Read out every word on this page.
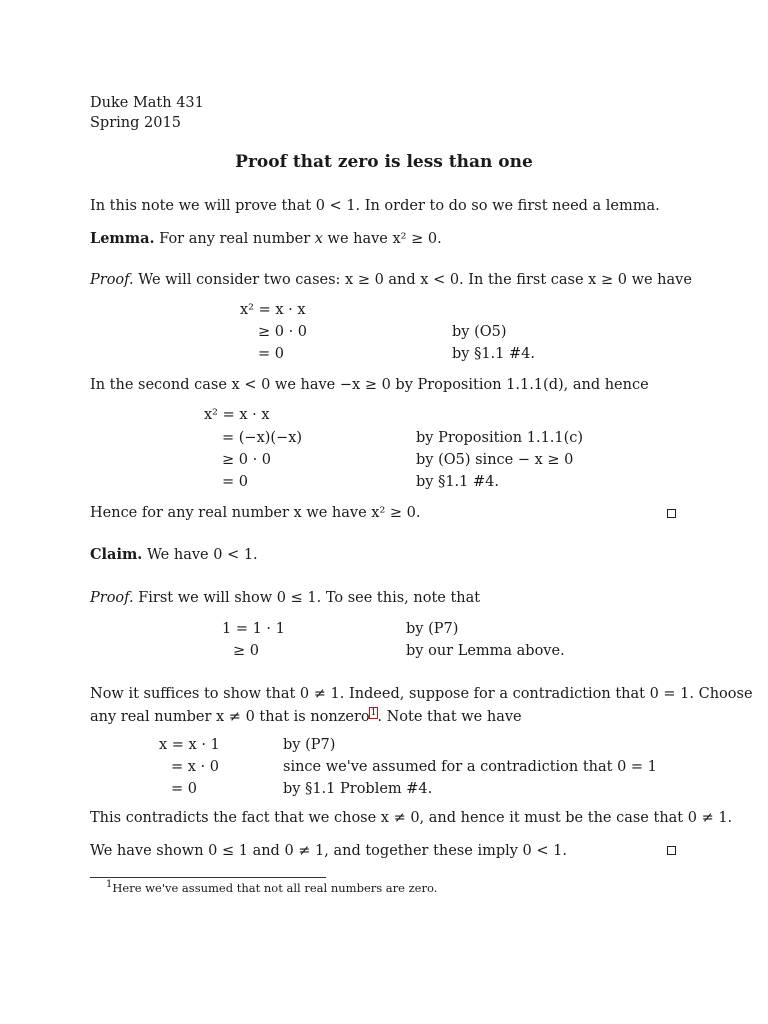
Duke Math 431
Spring 2015
Proof that zero is less than one
In this note we will prove that 0 < 1. In order to do so we first need a lemma.
Lemma. For any real number x we have x² ≥ 0.
Proof. We will consider two cases: x ≥ 0 and x < 0. In the first case x ≥ 0 we have
x² = x · x
≥ 0 · 0	by (O5)
= 0	by §1.1 #4.
In the second case x < 0 we have −x ≥ 0 by Proposition 1.1.1(d), and hence
x² = x · x
= (−x)(−x)	by Proposition 1.1.1(c)
≥ 0 · 0	by (O5) since − x ≥ 0
= 0	by §1.1 #4.
Hence for any real number x we have x² ≥ 0.
Claim. We have 0 < 1.
Proof. First we will show 0 ≤ 1. To see this, note that
1 = 1 · 1	by (P7)
≥ 0	by our Lemma above.
Now it suffices to show that 0 ≠ 1. Indeed, suppose for a contradiction that 0 = 1. Choose
any real number x ≠ 0 that is nonzero$^1$. Note that we have
x = x · 1	by (P7)
= x · 0	since we've assumed for a contradiction that 0 = 1
= 0	by §1.1 Problem #4.
This contradicts the fact that we chose x ≠ 0, and hence it must be the case that 0 ≠ 1.
We have shown 0 ≤ 1 and 0 ≠ 1, and together these imply 0 < 1.
$^1$Here we've assumed that not all real numbers are zero.
